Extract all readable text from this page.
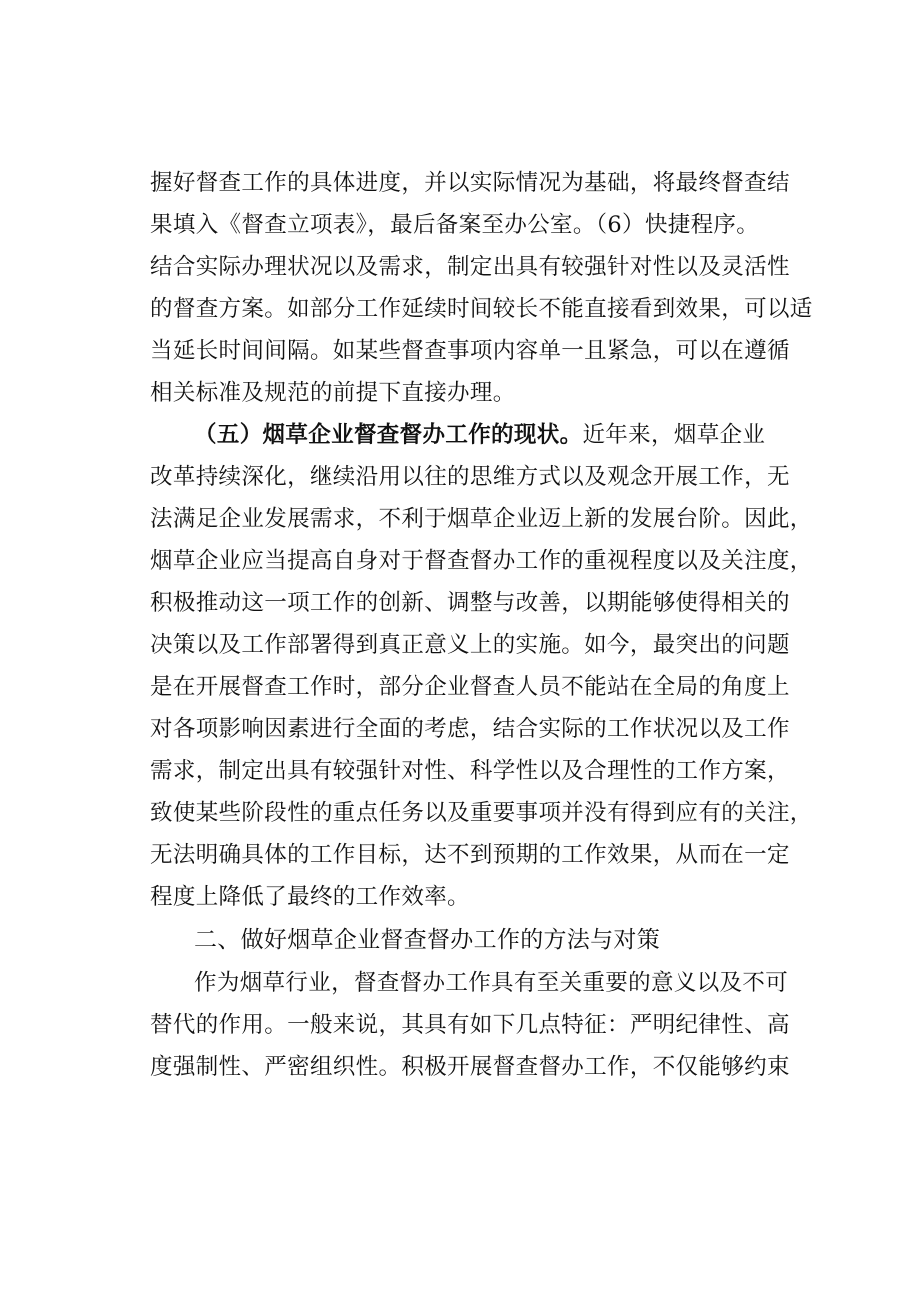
握好督查工作的具体进度，并以实际情况为基础，将最终督查结
果填入《督查立项表》，最后备案至办公室。（6）快捷程序。
结合实际办理状况以及需求，制定出具有较强针对性以及灵活性
的督查方案。如部分工作延续时间较长不能直接看到效果，可以适
当延长时间间隔。如某些督查事项内容单一且紧急，可以在遵循
相关标准及规范的前提下直接办理。
（五）烟草企业督查督办工作的现状。近年来，烟草企业
改革持续深化，继续沿用以往的思维方式以及观念开展工作，无
法满足企业发展需求，不利于烟草企业迈上新的发展台阶。因此，
烟草企业应当提高自身对于督查督办工作的重视程度以及关注度，
积极推动这一项工作的创新、调整与改善，以期能够使得相关的
决策以及工作部署得到真正意义上的实施。如今，最突出的问题
是在开展督查工作时，部分企业督查人员不能站在全局的角度上
对各项影响因素进行全面的考虑，结合实际的工作状况以及工作
需求，制定出具有较强针对性、科学性以及合理性的工作方案，
致使某些阶段性的重点任务以及重要事项并没有得到应有的关注，
无法明确具体的工作目标，达不到预期的工作效果，从而在一定
程度上降低了最终的工作效率。
二、做好烟草企业督查督办工作的方法与对策
作为烟草行业，督查督办工作具有至关重要的意义以及不可
替代的作用。一般来说，其具有如下几点特征：严明纪律性、高
度强制性、严密组织性。积极开展督查督办工作，不仅能够约束
